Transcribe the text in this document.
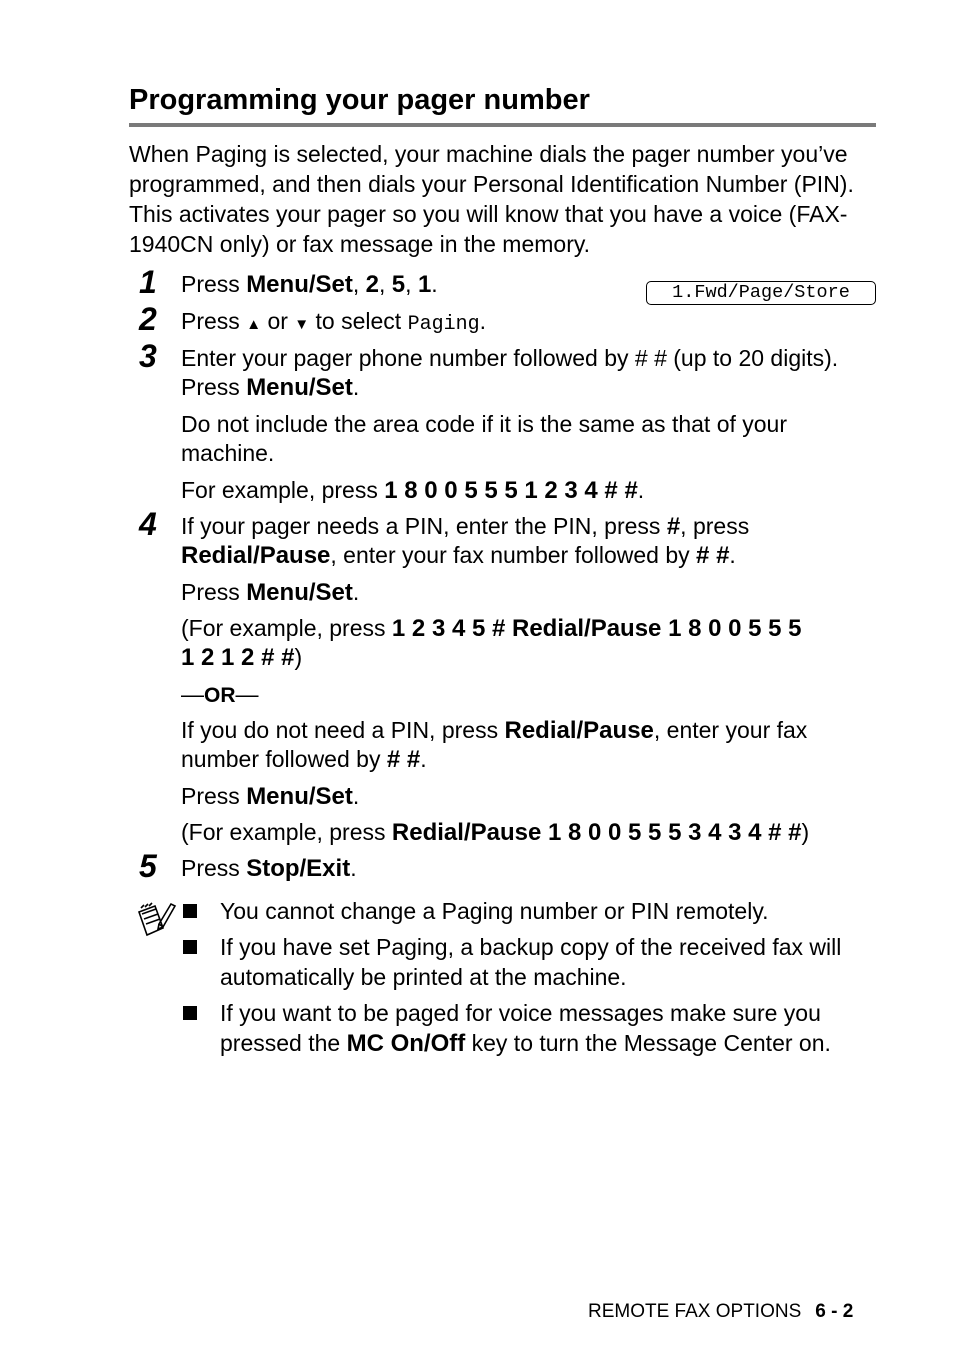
Programming your pager number
When Paging is selected, your machine dials the pager number you’ve programmed, and then dials your Personal Identification Number (PIN). This activates your pager so you will know that you have a voice (FAX-1940CN only) or fax message in the memory.
1 Press Menu/Set, 2, 5, 1.	1.Fwd/Page/Store
2 Press ▲ or ▼ to select Paging.
3 Enter your pager phone number followed by # # (up to 20 digits).
Press Menu/Set.
Do not include the area code if it is the same as that of your
machine.
For example, press 1 8 0 0 5 5 5 1 2 3 4 # #.
4 If your pager needs a PIN, enter the PIN, press #, press
Redial/Pause, enter your fax number followed by # #.
Press Menu/Set.
(For example, press 1 2 3 4 5 # Redial/Pause 1 8 0 0 5 5 5
1 2 1 2 # #)
—OR—
If you do not need a PIN, press Redial/Pause, enter your fax
number followed by # #.
Press Menu/Set.
(For example, press Redial/Pause 1 8 0 0 5 5 5 3 4 3 4 # #)
5 Press Stop/Exit.
You cannot change a Paging number or PIN remotely.
If you have set Paging, a backup copy of the received fax will
automatically be printed at the machine.
If you want to be paged for voice messages make sure you
pressed the MC On/Off key to turn the Message Center on.
REMOTE FAX OPTIONS 6 - 2
